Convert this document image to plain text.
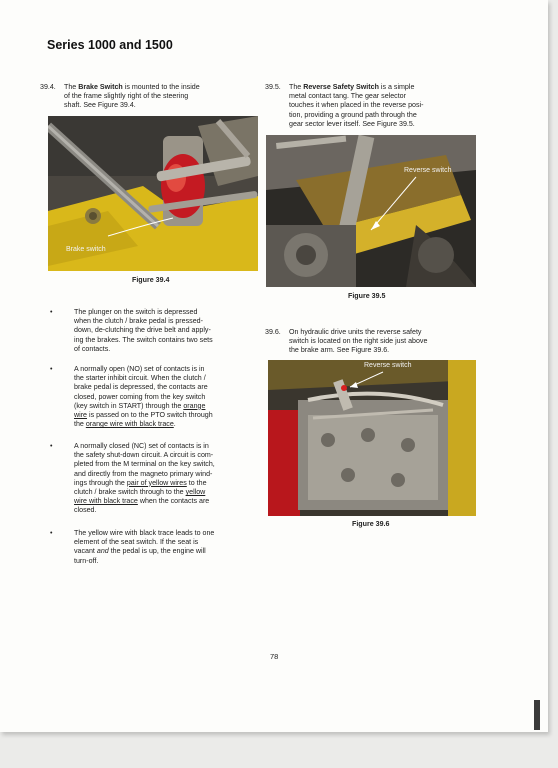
Series 1000 and 1500
39.4. The Brake Switch is mounted to the inside
of the frame slightly right of the steering
shaft. See Figure 39.4.
Brake switch
Figure 39.4
•	The plunger on the switch is depressed
when the clutch / brake pedal is pressed-
down, de-clutching the drive belt and apply-
ing the brakes. The switch contains two sets
of contacts.
•	A normally open (NO) set of contacts is in
the starter inhibit circuit. When the clutch /
brake pedal is depressed, the contacts are
closed, power coming from the key switch
(key switch in START) through the orange
wire is passed on to the PTO switch through
the orange wire with black trace.
•	A normally closed (NC) set of contacts is in
the safety shut-down circuit. A circuit is com-
pleted from the M terminal on the key switch,
and directly from the magneto primary wind-
ings through the pair of yellow wires to the
clutch / brake switch through to the yellow
wire with black trace when the contacts are
closed.
•	The yellow wire with black trace leads to one
element of the seat switch. If the seat is
vacant and the pedal is up, the engine will
turn-off.
39.5. The Reverse Safety Switch is a simple
metal contact tang. The gear selector
touches it when placed in the reverse posi-
tion, providing a ground path through the
gear sector lever itself. See Figure 39.5.
Reverse switch
Figure 39.5
39.6. On hydraulic drive units the reverse safety
switch is located on the right side just above
the brake arm. See Figure 39.6.
Reverse switch
Figure 39.6
78
